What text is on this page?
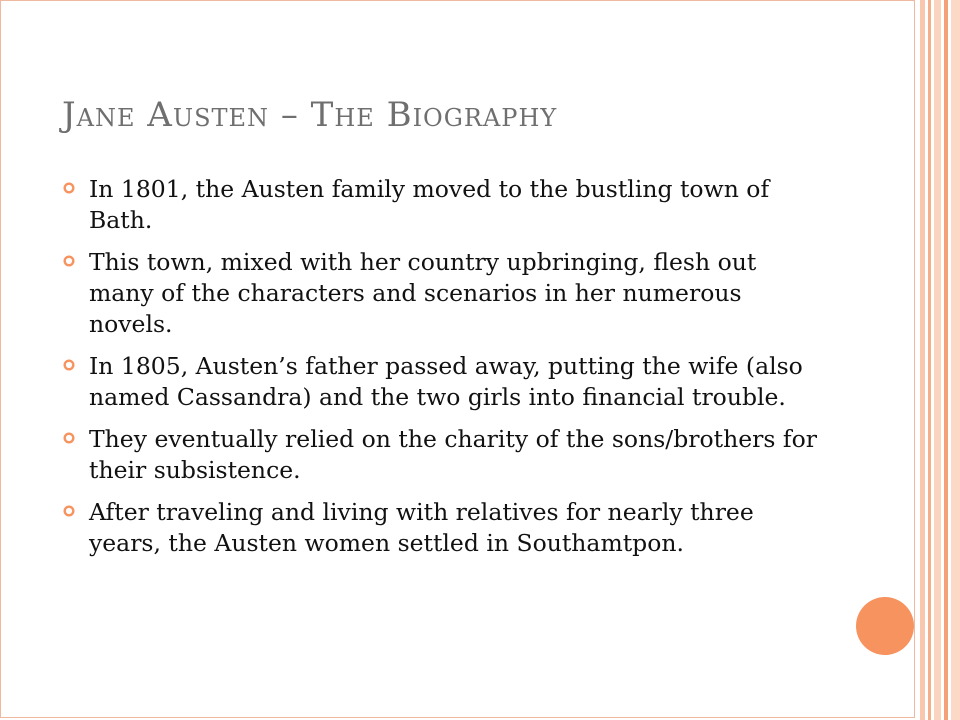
Jane Austen – The Biography
In 1801, the Austen family moved to the bustling town of Bath.
This town, mixed with her country upbringing, flesh out many of the characters and scenarios in her numerous novels.
In 1805, Austen’s father passed away, putting the wife (also named Cassandra) and the two girls into financial trouble.
They eventually relied on the charity of the sons/brothers for their subsistence.
After traveling and living with relatives for nearly three years, the Austen women settled in Southamtpon.
